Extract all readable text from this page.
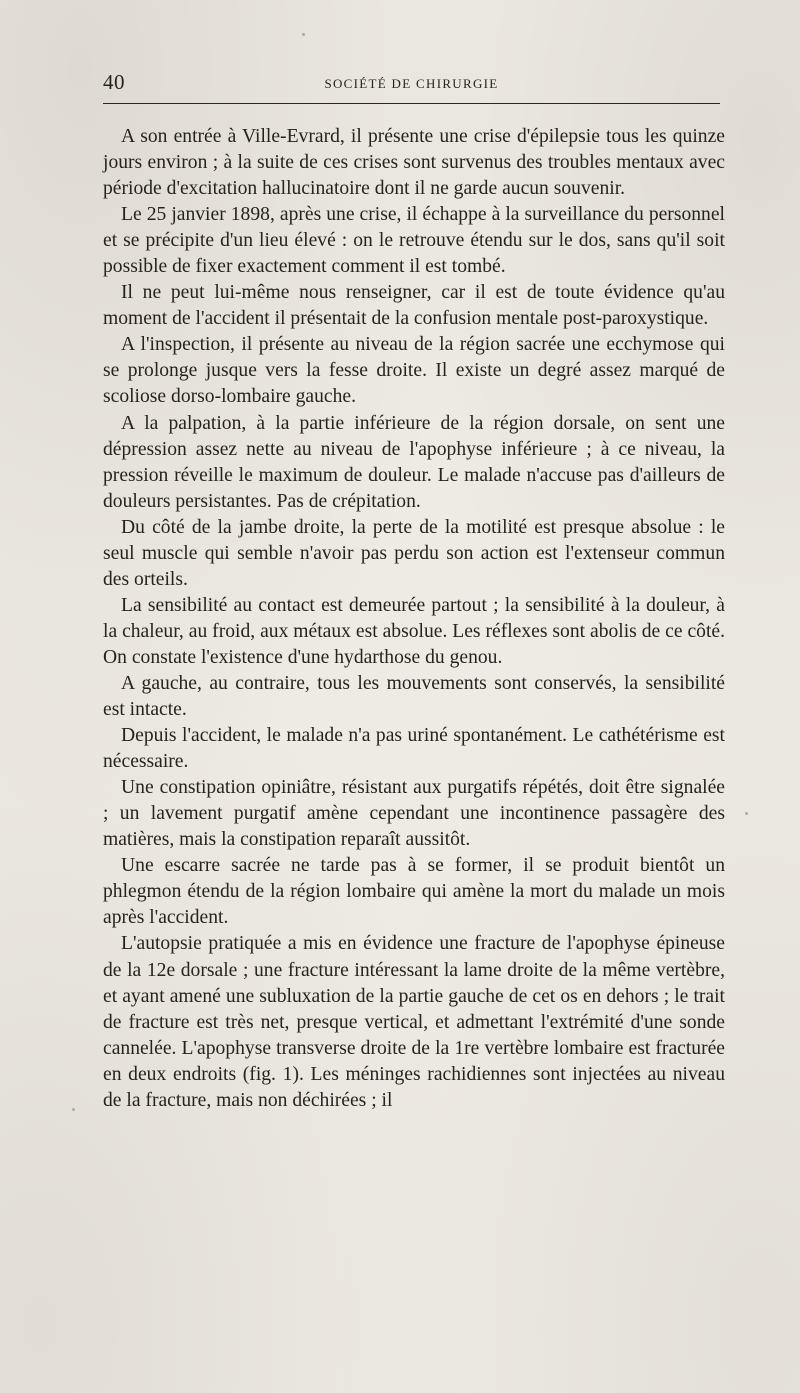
40	SOCIÉTÉ DE CHIRURGIE

A son entrée à Ville-Evrard, il présente une crise d'épilepsie tous les quinze jours environ ; à la suite de ces crises sont survenus des troubles mentaux avec période d'excitation hallucinatoire dont il ne garde aucun souvenir.

Le 25 janvier 1898, après une crise, il échappe à la surveillance du personnel et se précipite d'un lieu élevé : on le retrouve étendu sur le dos, sans qu'il soit possible de fixer exactement comment il est tombé.

Il ne peut lui-même nous renseigner, car il est de toute évidence qu'au moment de l'accident il présentait de la confusion mentale post-paroxystique.

A l'inspection, il présente au niveau de la région sacrée une ecchymose qui se prolonge jusque vers la fesse droite. Il existe un degré assez marqué de scoliose dorso-lombaire gauche.

A la palpation, à la partie inférieure de la région dorsale, on sent une dépression assez nette au niveau de l'apophyse inférieure ; à ce niveau, la pression réveille le maximum de douleur. Le malade n'accuse pas d'ailleurs de douleurs persistantes. Pas de crépitation.

Du côté de la jambe droite, la perte de la motilité est presque absolue : le seul muscle qui semble n'avoir pas perdu son action est l'extenseur commun des orteils.

La sensibilité au contact est demeurée partout ; la sensibilité à la douleur, à la chaleur, au froid, aux métaux est absolue. Les réflexes sont abolis de ce côté. On constate l'existence d'une hydarthose du genou.

A gauche, au contraire, tous les mouvements sont conservés, la sensibilité est intacte.

Depuis l'accident, le malade n'a pas uriné spontanément. Le cathétérisme est nécessaire.

Une constipation opiniâtre, résistant aux purgatifs répétés, doit être signalée ; un lavement purgatif amène cependant une incontinence passagère des matières, mais la constipation reparaît aussitôt.

Une escarre sacrée ne tarde pas à se former, il se produit bientôt un phlegmon étendu de la région lombaire qui amène la mort du malade un mois après l'accident.

L'autopsie pratiquée a mis en évidence une fracture de l'apophyse épineuse de la 12e dorsale ; une fracture intéressant la lame droite de la même vertèbre, et ayant amené une subluxation de la partie gauche de cet os en dehors ; le trait de fracture est très net, presque vertical, et admettant l'extrémité d'une sonde cannelée. L'apophyse transverse droite de la 1re vertèbre lombaire est fracturée en deux endroits (fig. 1). Les méninges rachidiennes sont injectées au niveau de la fracture, mais non déchirées ; il
